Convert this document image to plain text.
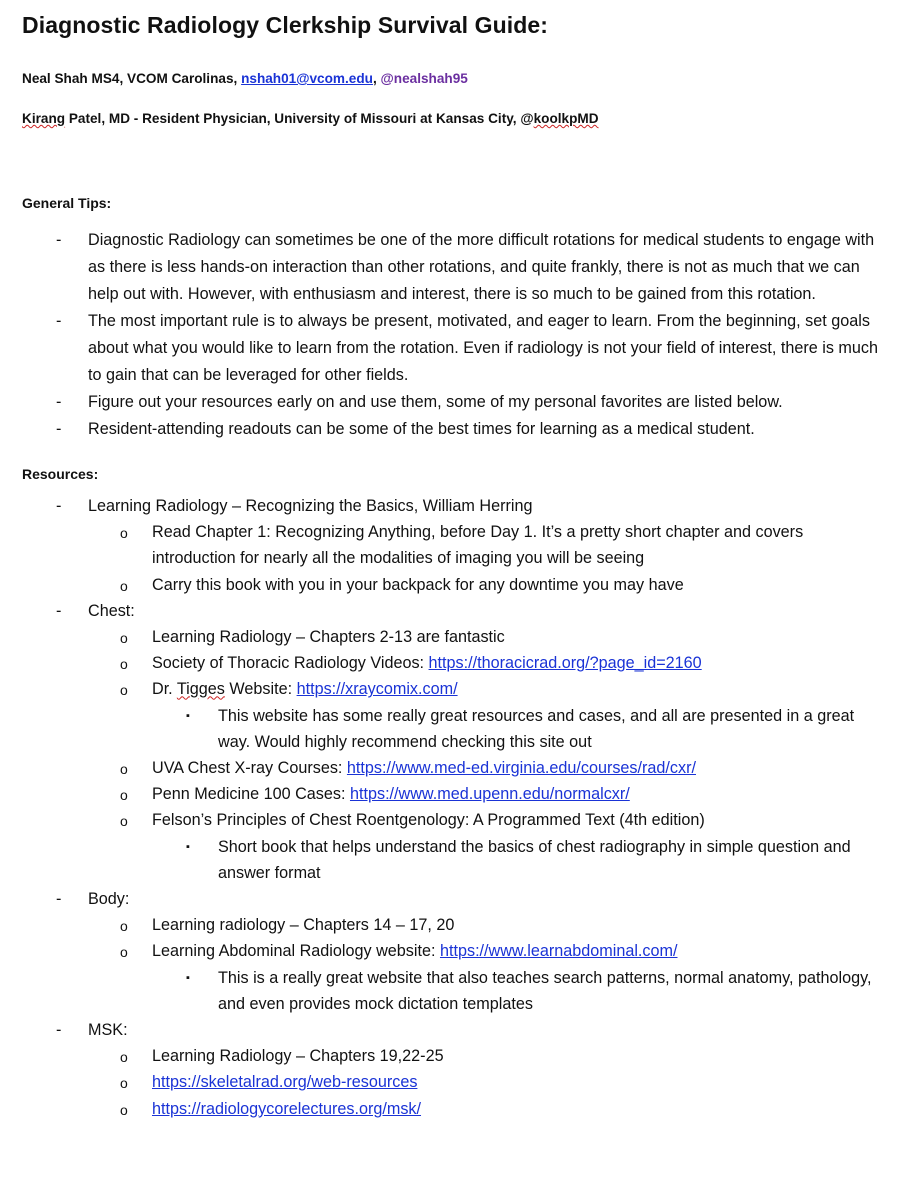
Diagnostic Radiology Clerkship Survival Guide:
Neal Shah MS4, VCOM Carolinas, nshah01@vcom.edu, @nealshah95
Kirang Patel, MD - Resident Physician, University of Missouri at Kansas City, @koolkpMD
General Tips:
- Diagnostic Radiology can sometimes be one of the more difficult rotations for medical students to engage with as there is less hands-on interaction than other rotations, and quite frankly, there is not as much that we can help out with. However, with enthusiasm and interest, there is so much to be gained from this rotation.
- The most important rule is to always be present, motivated, and eager to learn. From the beginning, set goals about what you would like to learn from the rotation. Even if radiology is not your field of interest, there is much to gain that can be leveraged for other fields.
- Figure out your resources early on and use them, some of my personal favorites are listed below.
- Resident-attending readouts can be some of the best times for learning as a medical student.
Resources:
- Learning Radiology – Recognizing the Basics, William Herring
o Read Chapter 1: Recognizing Anything, before Day 1. It’s a pretty short chapter and covers introduction for nearly all the modalities of imaging you will be seeing
o Carry this book with you in your backpack for any downtime you may have
- Chest:
o Learning Radiology – Chapters 2-13 are fantastic
o Society of Thoracic Radiology Videos: https://thoracicrad.org/?page_id=2160
o Dr. Tigges Website: https://xraycomix.com/
▪ This website has some really great resources and cases, and all are presented in a great way. Would highly recommend checking this site out
o UVA Chest X-ray Courses: https://www.med-ed.virginia.edu/courses/rad/cxr/
o Penn Medicine 100 Cases: https://www.med.upenn.edu/normalcxr/
o Felson’s Principles of Chest Roentgenology: A Programmed Text (4th edition)
▪ Short book that helps understand the basics of chest radiography in simple question and answer format
- Body:
o Learning radiology – Chapters 14 – 17, 20
o Learning Abdominal Radiology website: https://www.learnabdominal.com/
▪ This is a really great website that also teaches search patterns, normal anatomy, pathology, and even provides mock dictation templates
- MSK:
o Learning Radiology – Chapters 19,22-25
o https://skeletalrad.org/web-resources
o https://radiologycorelectures.org/msk/
